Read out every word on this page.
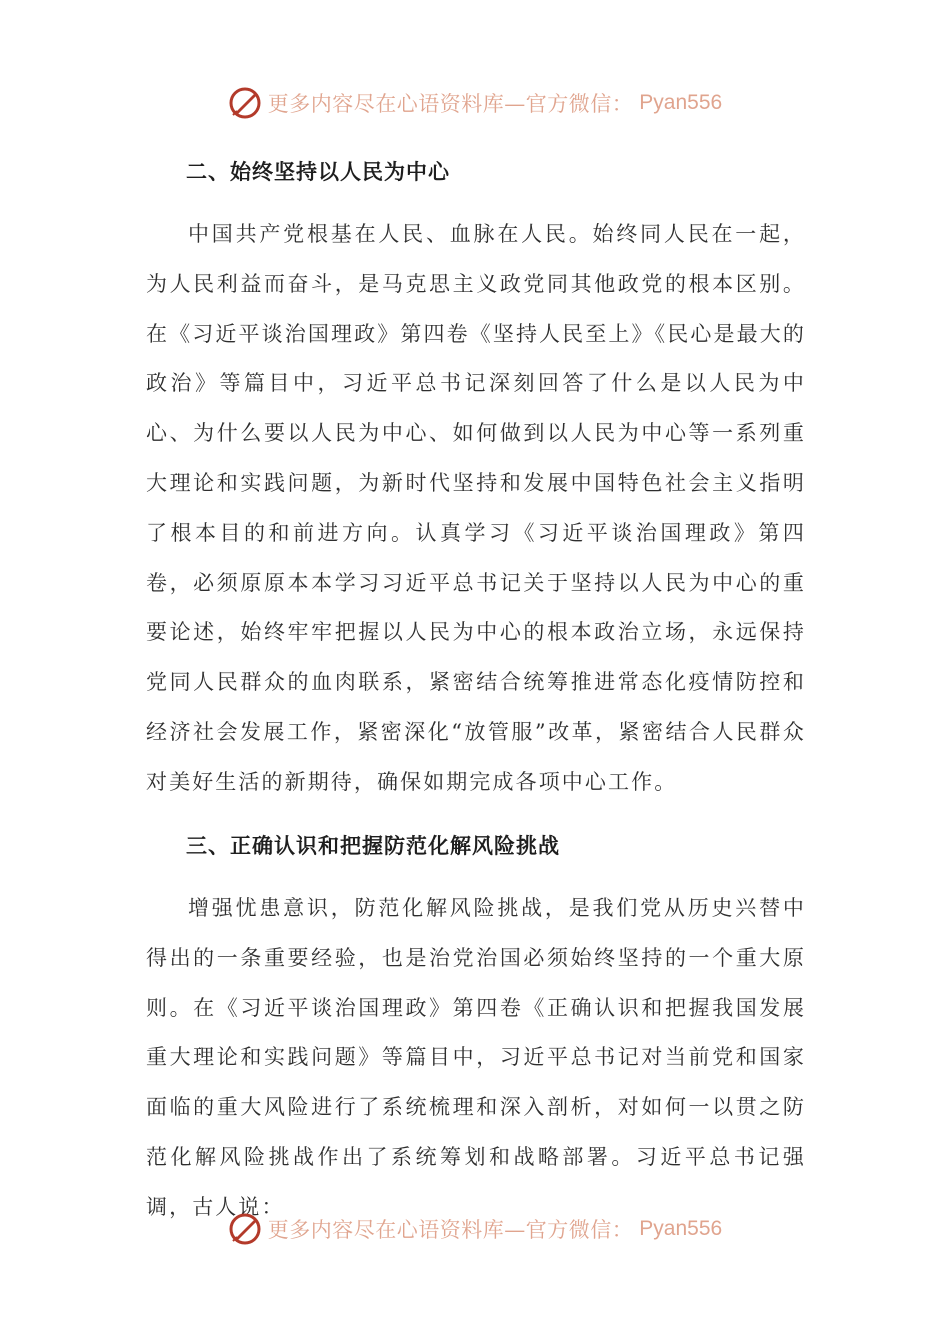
更多内容尽在心语资料库—官方微信： Pyan556
二、始终坚持以人民为中心

中国共产党根基在人民、血脉在人民。始终同人民在一起，为人民利益而奋斗，是马克思主义政党同其他政党的根本区别。在《习近平谈治国理政》第四卷《坚持人民至上》《民心是最大的政治》等篇目中，习近平总书记深刻回答了什么是以人民为中心、为什么要以人民为中心、如何做到以人民为中心等一系列重大理论和实践问题，为新时代坚持和发展中国特色社会主义指明了根本目的和前进方向。认真学习《习近平谈治国理政》第四卷，必须原原本本学习习近平总书记关于坚持以人民为中心的重要论述，始终牢牢把握以人民为中心的根本政治立场，永远保持党同人民群众的血肉联系，紧密结合统筹推进常态化疫情防控和经济社会发展工作，紧密深化“放管服”改革，紧密结合人民群众对美好生活的新期待，确保如期完成各项中心工作。

三、正确认识和把握防范化解风险挑战

增强忧患意识，防范化解风险挑战，是我们党从历史兴替中得出的一条重要经验，也是治党治国必须始终坚持的一个重大原则。在《习近平谈治国理政》第四卷《正确认识和把握我国发展重大理论和实践问题》等篇目中，习近平总书记对当前党和国家面临的重大风险进行了系统梳理和深入剖析，对如何一以贯之防范化解风险挑战作出了系统筹划和战略部署。习近平总书记强调，古人说：

更多内容尽在心语资料库—官方微信： Pyan556
